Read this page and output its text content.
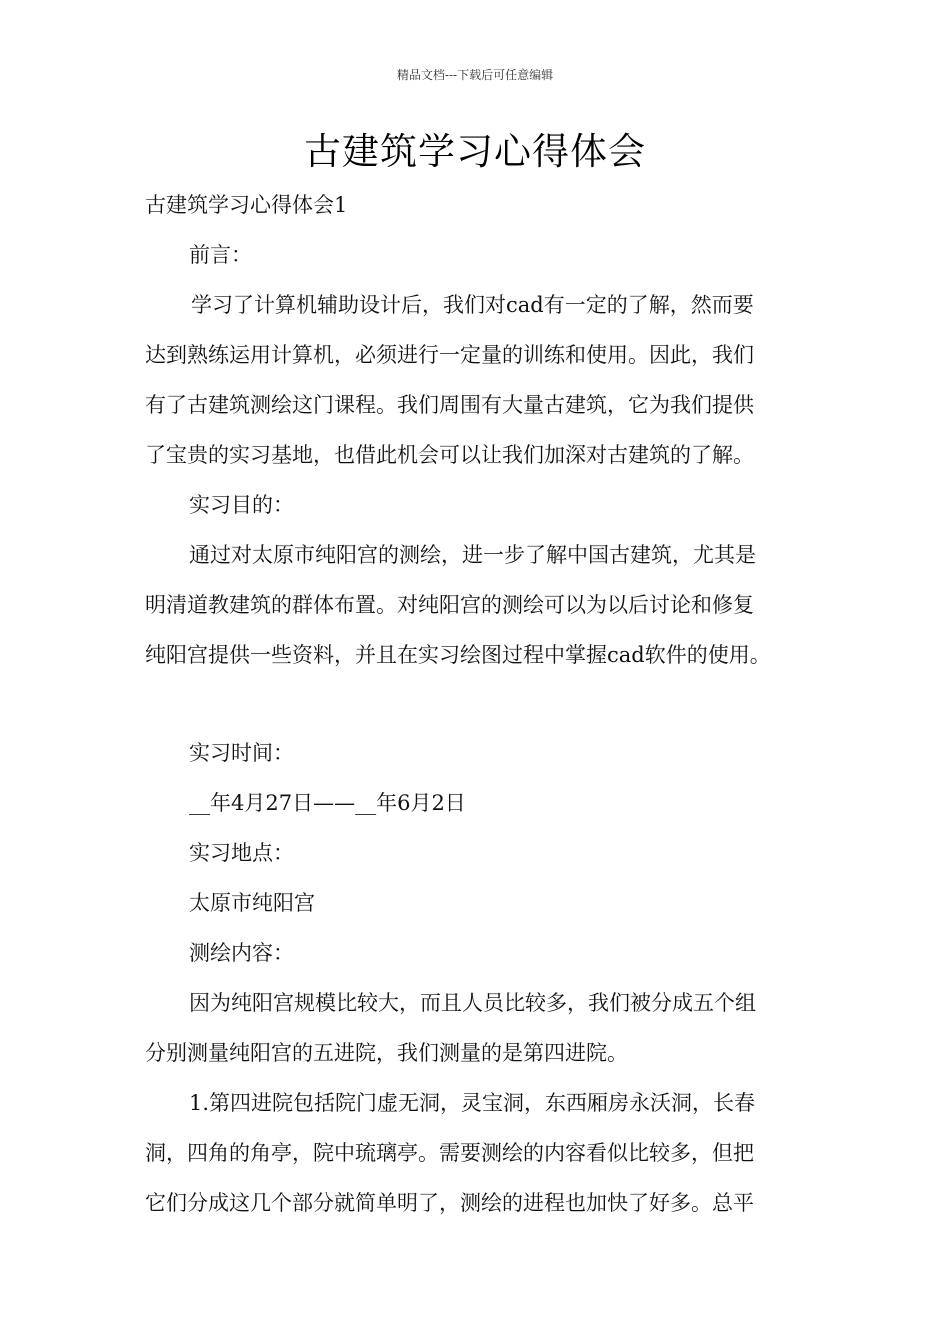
精品文档---下载后可任意编辑
古建筑学习心得体会

古建筑学习心得体会1

前言：

学习了计算机辅助设计后，我们对cad有一定的了解，然而要

达到熟练运用计算机，必须进行一定量的训练和使用。因此，我们

有了古建筑测绘这门课程。我们周围有大量古建筑，它为我们提供

了宝贵的实习基地，也借此机会可以让我们加深对古建筑的了解。

实习目的：

通过对太原市纯阳宫的测绘，进一步了解中国古建筑，尤其是

明清道教建筑的群体布置。对纯阳宫的测绘可以为以后讨论和修复

纯阳宫提供一些资料，并且在实习绘图过程中掌握cad软件的使用。

实习时间：

__年4月27日——__年6月2日

实习地点：

太原市纯阳宫

测绘内容：

因为纯阳宫规模比较大，而且人员比较多，我们被分成五个组

分别测量纯阳宫的五进院，我们测量的是第四进院。

1.第四进院包括院门虚无洞，灵宝洞，东西厢房永沃洞，长春

洞，四角的角亭，院中琉璃亭。需要测绘的内容看似比较多，但把

它们分成这几个部分就简单明了，测绘的进程也加快了好多。总平
